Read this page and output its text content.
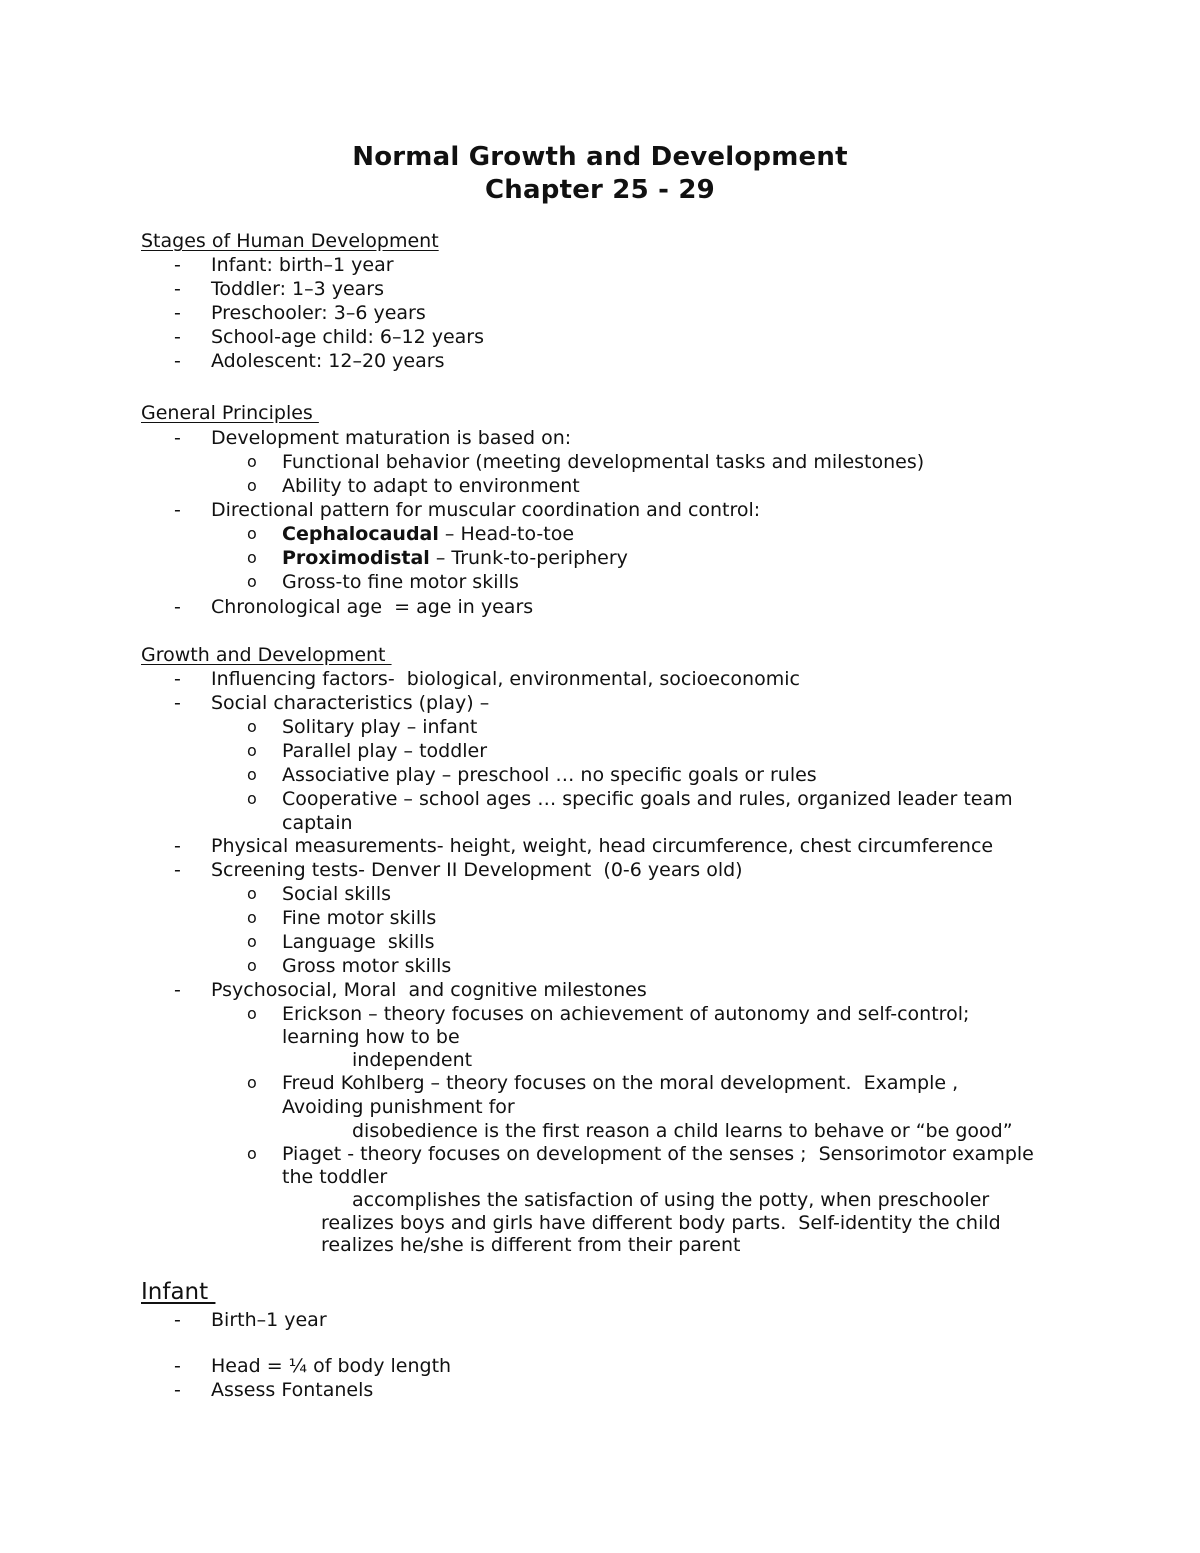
Normal Growth and Development
Chapter 25 - 29
Stages of Human Development
- Infant: birth–1 year
- Toddler: 1–3 years
- Preschooler: 3–6 years
- School-age child: 6–12 years
- Adolescent: 12–20 years
General Principles
- Development maturation is based on:
o Functional behavior (meeting developmental tasks and milestones)
o Ability to adapt to environment
- Directional pattern for muscular coordination and control:
o Cephalocaudal – Head-to-toe
o Proximodistal – Trunk-to-periphery
o Gross-to fine motor skills
- Chronological age  = age in years
Growth and Development
- Influencing factors-  biological, environmental, socioeconomic
- Social characteristics (play) –
o Solitary play – infant
o Parallel play – toddler
o Associative play – preschool … no specific goals or rules
o Cooperative – school ages … specific goals and rules, organized leader team
captain
- Physical measurements- height, weight, head circumference, chest circumference
- Screening tests- Denver II Development  (0-6 years old)
o Social skills
o Fine motor skills
o Language  skills
o Gross motor skills
- Psychosocial, Moral  and cognitive milestones
o Erickson – theory focuses on achievement of autonomy and self-control;
learning how to be
independent
o Freud Kohlberg – theory focuses on the moral development.  Example ,
Avoiding punishment for
disobedience is the first reason a child learns to behave or “be good”
o Piaget - theory focuses on development of the senses ;  Sensorimotor example
the toddler
accomplishes the satisfaction of using the potty, when preschooler
realizes boys and girls have different body parts.  Self-identity the child
realizes he/she is different from their parent
Infant
- Birth–1 year
- Head = ¼ of body length
- Assess Fontanels
